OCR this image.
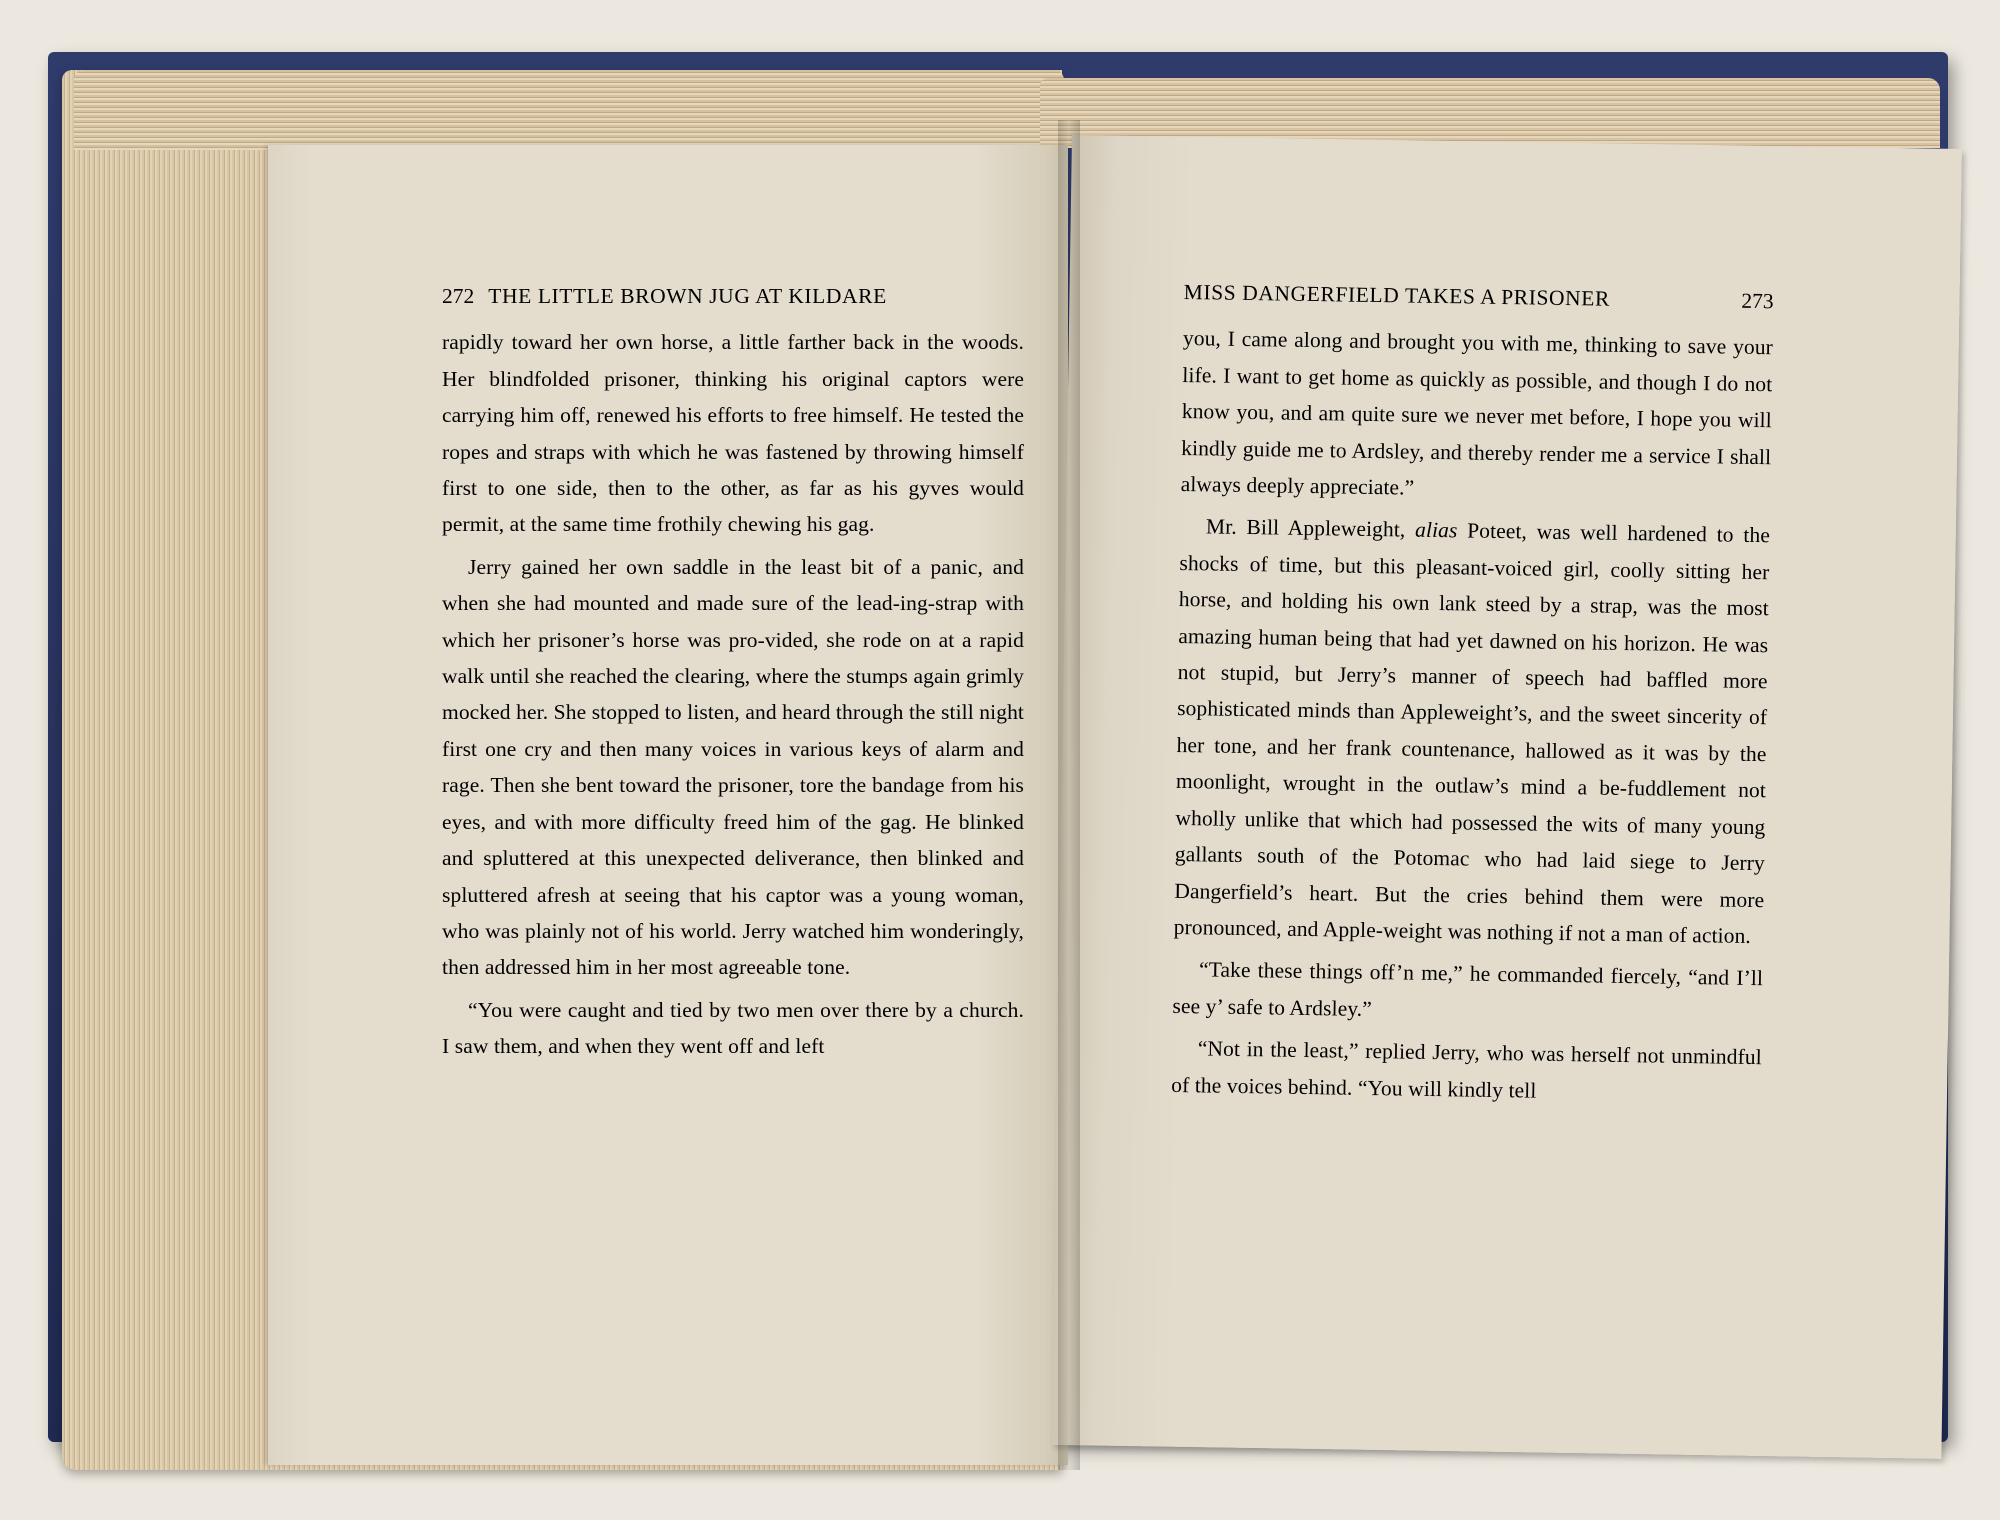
272 THE LITTLE BROWN JUG AT KILDARE

rapidly toward her own horse, a little farther back in the woods. Her blindfolded prisoner, thinking his original captors were carrying him off, renewed his efforts to free himself. He tested the ropes and straps with which he was fastened by throwing himself first to one side, then to the other, as far as his gyves would permit, at the same time frothily chewing his gag.

Jerry gained her own saddle in the least bit of a panic, and when she had mounted and made sure of the lead-ing-strap with which her prisoner’s horse was pro-vided, she rode on at a rapid walk until she reached the clearing, where the stumps again grimly mocked her. She stopped to listen, and heard through the still night first one cry and then many voices in various keys of alarm and rage. Then she bent toward the prisoner, tore the bandage from his eyes, and with more difficulty freed him of the gag. He blinked and spluttered at this unexpected deliverance, then blinked and spluttered afresh at seeing that his captor was a young woman, who was plainly not of his world. Jerry watched him wonderingly, then addressed him in her most agreeable tone.

“You were caught and tied by two men over there by a church. I saw them, and when they went off and left

MISS DANGERFIELD TAKES A PRISONER	273

you, I came along and brought you with me, thinking to save your life. I want to get home as quickly as possible, and though I do not know you, and am quite sure we never met before, I hope you will kindly guide me to Ardsley, and thereby render me a service I shall always deeply appreciate.”

Mr. Bill Appleweight, alias Poteet, was well hardened to the shocks of time, but this pleasant-voiced girl, coolly sitting her horse, and holding his own lank steed by a strap, was the most amazing human being that had yet dawned on his horizon. He was not stupid, but Jerry’s manner of speech had baffled more sophisticated minds than Appleweight’s, and the sweet sincerity of her tone, and her frank countenance, hallowed as it was by the moonlight, wrought in the outlaw’s mind a be-fuddlement not wholly unlike that which had possessed the wits of many young gallants south of the Potomac who had laid siege to Jerry Dangerfield’s heart. But the cries behind them were more pronounced, and Apple-weight was nothing if not a man of action.

“Take these things off’n me,” he commanded fiercely, “and I’ll see y’ safe to Ardsley.”

“Not in the least,” replied Jerry, who was herself not unmindful of the voices behind. “You will kindly tell
